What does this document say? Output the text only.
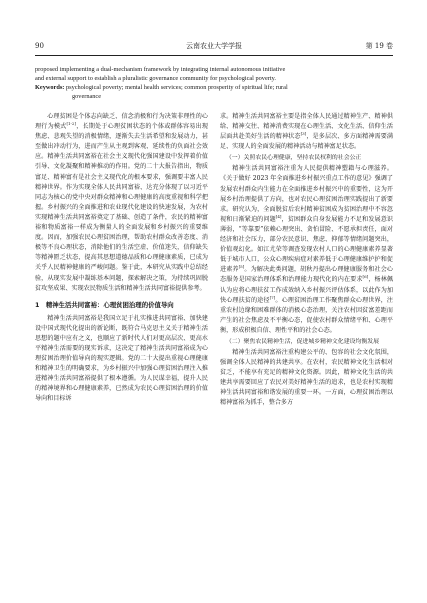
90	云南农业大学学报	第 19 卷

proposed implementing a dual-mechanism framework by integrating internal autonomous initiative

and external support to establish a pluralistic governance community for psychological poverty.

Keywords: psychological poverty; mental health services; common prosperity of spiritual life; rural

governance

心理贫困是个体志向缺乏、信念消极和行为决策非理性的心理行为模式[1-2]，长期处于心理贫困状态的个体或群体容易出现焦虑、悲观失望的消极情绪，逐渐失去生活希望和发展动力，甚至做出冲动行为，进而产生从主观到客观、延续性的负面社会效应。精神生活共同富裕在社会主义现代化强国建设中发挥着价值引导、文化凝聚和精神推动的作用。党的二十大报告指出，物质富足、精神富有是社会主义现代化的根本要求，强调要丰富人民精神世界。作为实现全体人民共同富裕、达充分体现了以习近平同志为核心的党中央对群众精神和心理健康的高度重视和科学把握。乡村振兴的全面推进和农业现代化建设的快速发展，为农村实现精神生活共同富裕奠定了基础、创造了条件，农民的精神富裕和物质富裕一样成为衡量人的全面发展和乡村振兴的重要维度。因而，加强农民心理贫困治理，帮助农村群众改善态度、消极等不良心理状态，消除他们的生活空虚、价值迷失，信仰缺失等精神匮乏状态，提高其思想道德品质和心理健康素质，已成为关乎人民精神健康的严峻问题。鉴于此，本研究从实践中总结经验，从现实发展中凝练基本问题，探索解决之策，为持续巩固脱贫攻坚成果、实现农民物质生活和精神生活共同富裕提供参考。

1　精神生活共同富裕：心理贫困治理的价值导向

精神生活共同富裕是我国立足于扎实推进共同富裕、加快建设中国式现代化提出的新论断，既符合马克思主义关于精神生活思想的题中应有之义，也顺应了新时代人们对更高层次、更高水平精神生活需要的现实诉求，这决定了精神生活共同富裕成为心理贫困治理价值导向的现实逻辑。党的二十大提出重视心理健康和精神卫生的明确要求，为乡村振兴中加强心理贫困治理注入推进精神生活共同富裕提供了根本遵循。为人民谋幸福，提升人民的精神境界和心理健康素养，已然成为农民心理贫困治理的价值导向和目标诉

求。精神生活共同富裕主要是指全体人民通过精神生产、精神供给、精神交往、精神消费实现在心理生活、文化生活、信仰生活层面共赴美好生活的精神状态[3]，是多层次、多方面精神需要满足、实现人的全面发展的精神活动与精神富足状态。

（一）关照农民心理健康，坚持农民权利的社会公正

精神生活共同富裕注重为人民提供精神塑籍与心理滋养。《关于做好 2023 年全面推进乡村振兴重点工作的意见》强调了发展农村群众内生能力在全面推进乡村振兴中的重要性，这为开展乡村治理提供了方向，也对农民心理贫困治理实践提出了新要求。研究认为，全面脱贫后农村精神贫困成为贫困治理中不容忽视和日渐紧迫的问题[4]，贫困群众自身发展能力不足和发展意识薄弱，“等靠要”依赖心理突出、贪怕冒险、不愿承担责任，面对经济和社会压力，部分农民意识、焦虑、抑郁等情绪问题突出，价值观幻化。如江尤荣等调查发现农村人口的心理健康素养显著低于城市人口，公众心理疾病症对素养低于心理健康维护护和促进素养[5]。为解决此类问题，胡秋丹提出心理健康服务和社会心态服务是国家治理体系和治理能力现代化的内在要求[6]，杨林佩认为应将心理扶贫工作成效纳入乡村振兴评估体系，以此作为加快心理扶贫的途径[7]。心理贫困治理工作聚焦群众心理世界，注重农村边缘和困难群体的消极心态治理，关注农村因贫富差距而产生的社会焦虑及不平衡心态，促使农村群众情绪平和、心理平衡，形成积极自信、理性平和的社会心态。

（二）聚焦农民精神生活，促进城乡精神文化建设均衡发展

精神生活共同富裕注重构建公平的、包容的社会文化氛围，强调全体人民精神的共建共享。在农村，农民精神文化生活相对贫乏，不能享有充足的精神文化资源。因此，精神文化生活的共建共享需要回应了农民对美好精神生活的追求，也是农村实现精神生活共同富裕和谐发展的重要一环。一方面，心理贫困治理以精神富裕为抓手，整合多方
